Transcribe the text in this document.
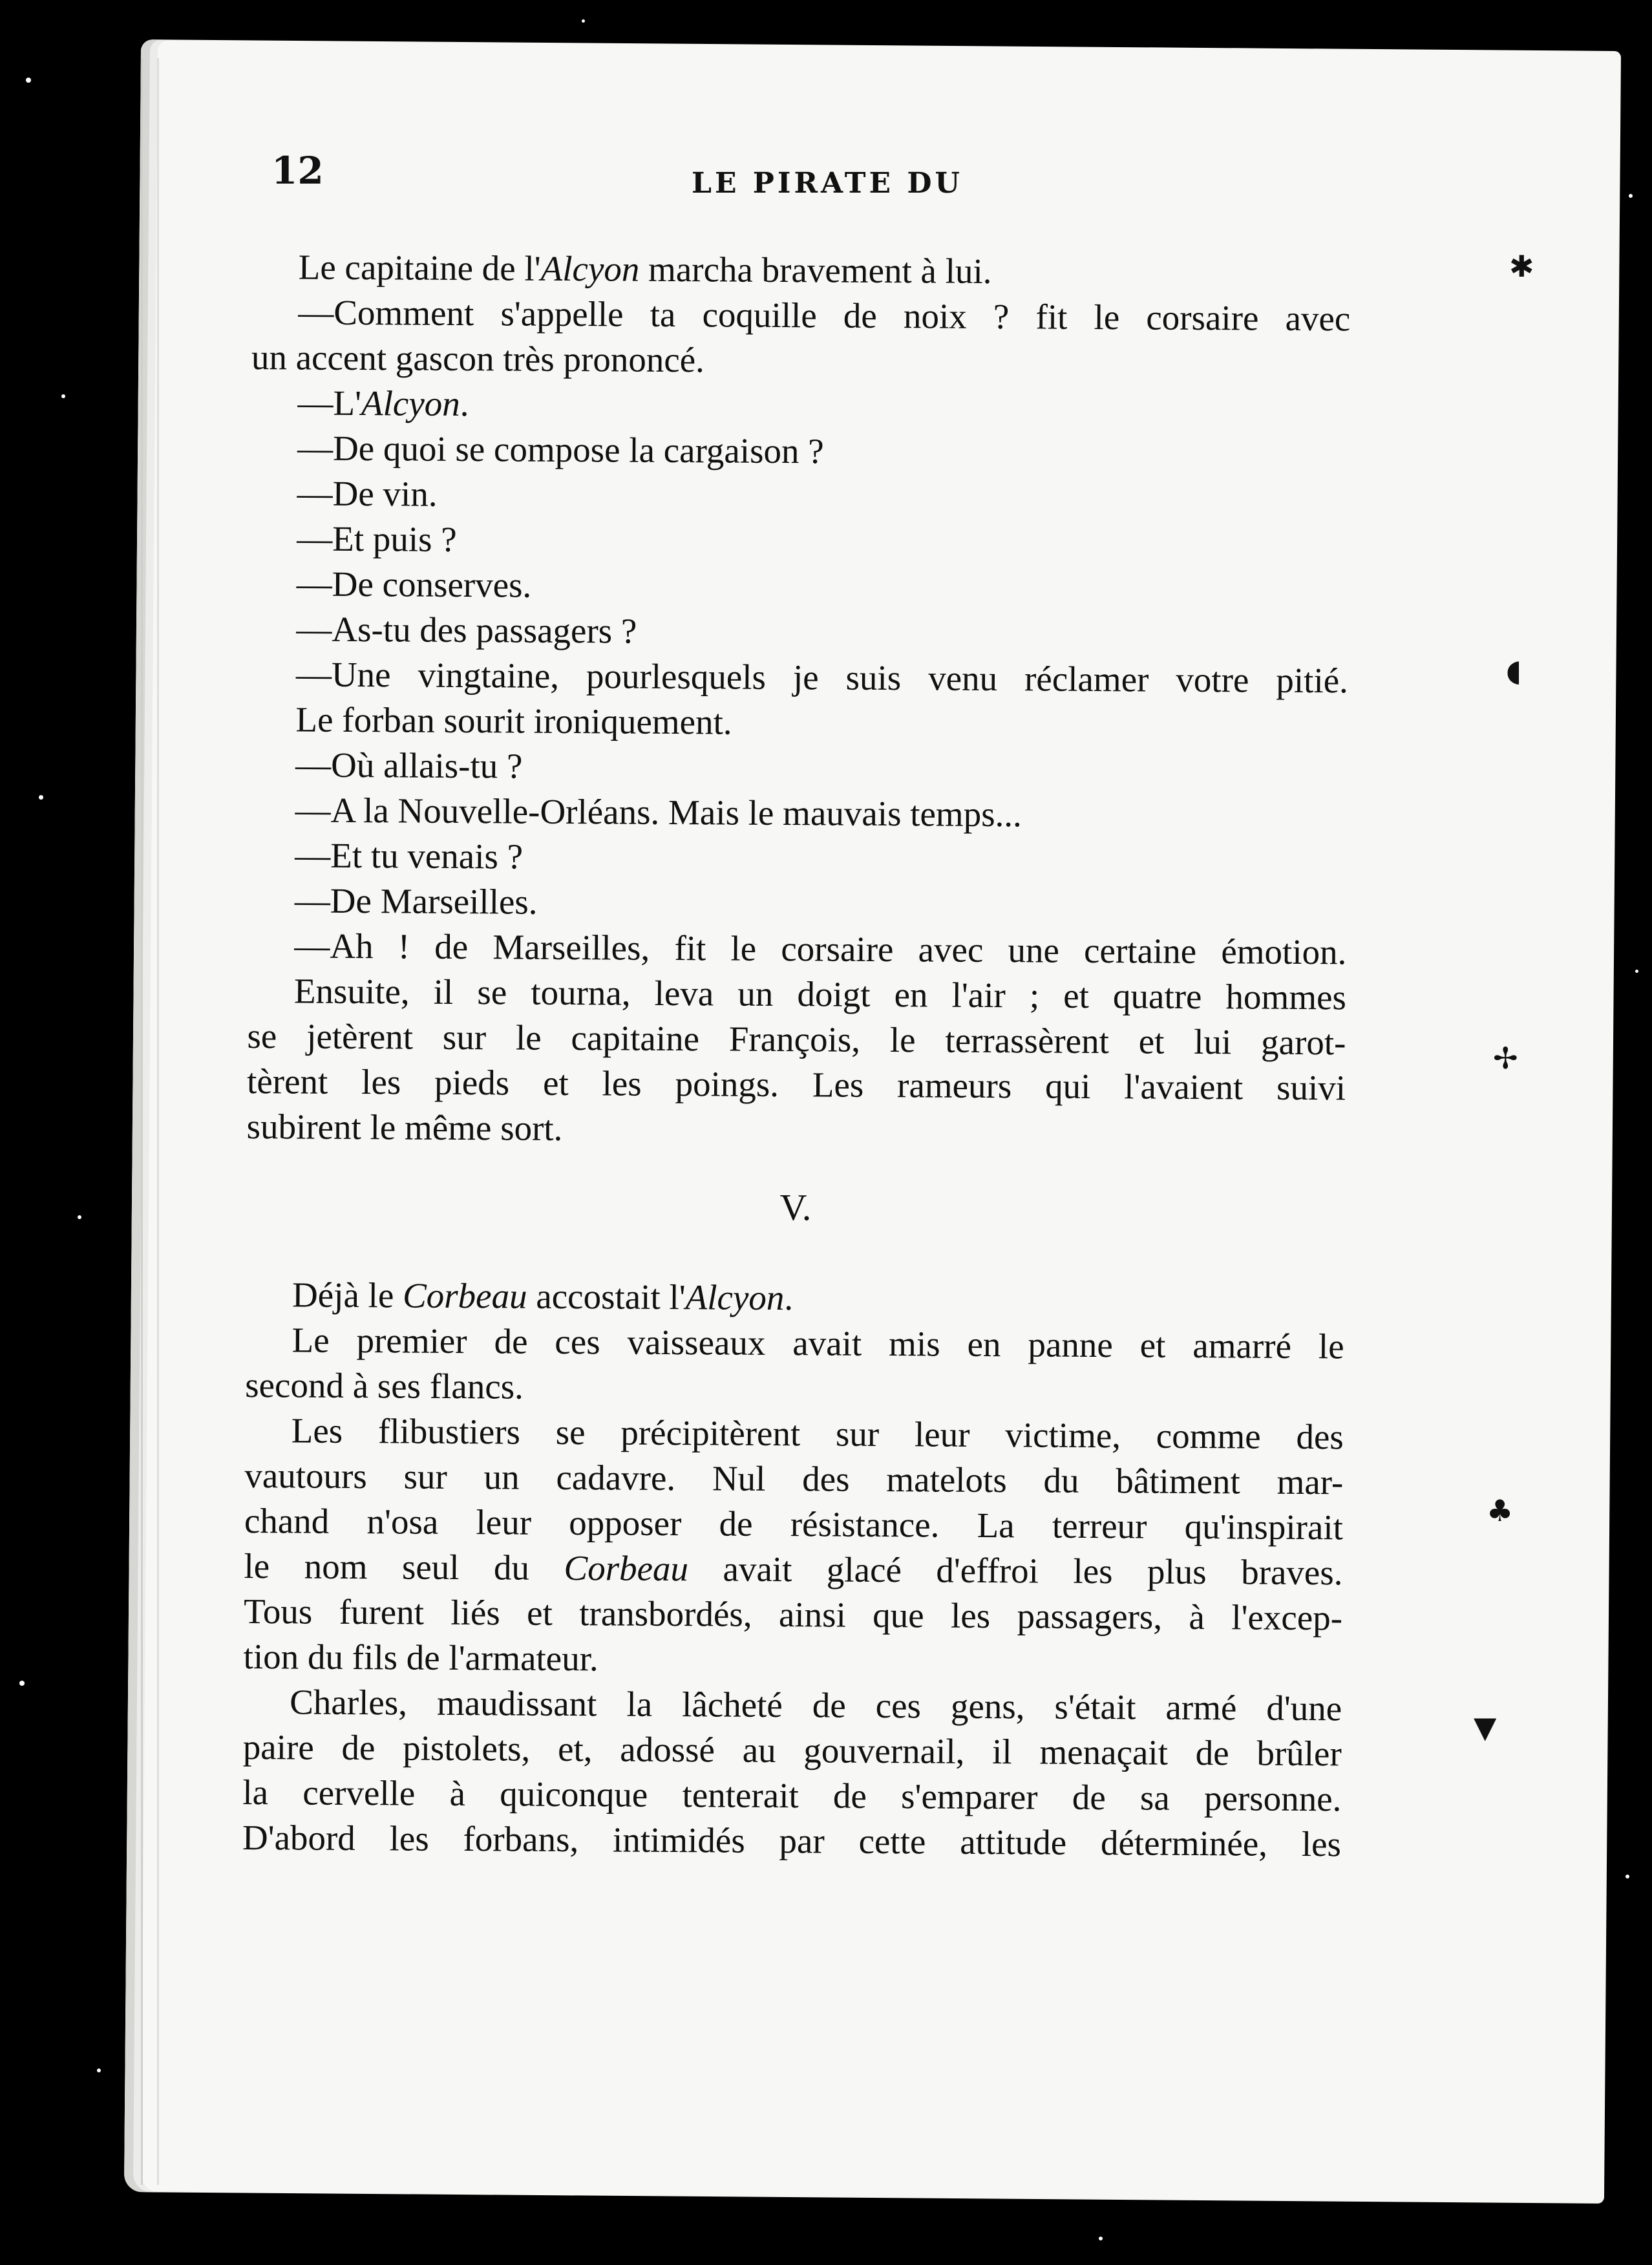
12	LE PIRATE DU
Le capitaine de l'Alcyon marcha bravement à lui.
—Comment s'appelle ta coquille de noix ? fit le corsaire avec
un accent gascon très prononcé.
—L'Alcyon.
—De quoi se compose la cargaison ?
—De vin.
—Et puis ?
—De conserves.
—As-tu des passagers ?
—Une vingtaine, pourlesquels je suis venu réclamer votre pitié.
Le forban sourit ironiquement.
—Où allais-tu ?
—A la Nouvelle-Orléans. Mais le mauvais temps...
—Et tu venais ?
—De Marseilles.
—Ah ! de Marseilles, fit le corsaire avec une certaine émotion.
Ensuite, il se tourna, leva un doigt en l'air ; et quatre hommes
se jetèrent sur le capitaine François, le terrassèrent et lui garot-
tèrent les pieds et les poings. Les rameurs qui l'avaient suivi
subirent le même sort.
V.
Déjà le Corbeau accostait l'Alcyon.
Le premier de ces vaisseaux avait mis en panne et amarré le
second à ses flancs.
Les flibustiers se précipitèrent sur leur victime, comme des
vautours sur un cadavre. Nul des matelots du bâtiment mar-
chand n'osa leur opposer de résistance. La terreur qu'inspirait
le nom seul du Corbeau avait glacé d'effroi les plus braves.
Tous furent liés et transbordés, ainsi que les passagers, à l'excep-
tion du fils de l'armateur.
Charles, maudissant la lâcheté de ces gens, s'était armé d'une
paire de pistolets, et, adossé au gouvernail, il menaçait de brûler
la cervelle à quiconque tenterait de s'emparer de sa personne.
D'abord les forbans, intimidés par cette attitude déterminée, les
✱
◖
✢
♣
▼
